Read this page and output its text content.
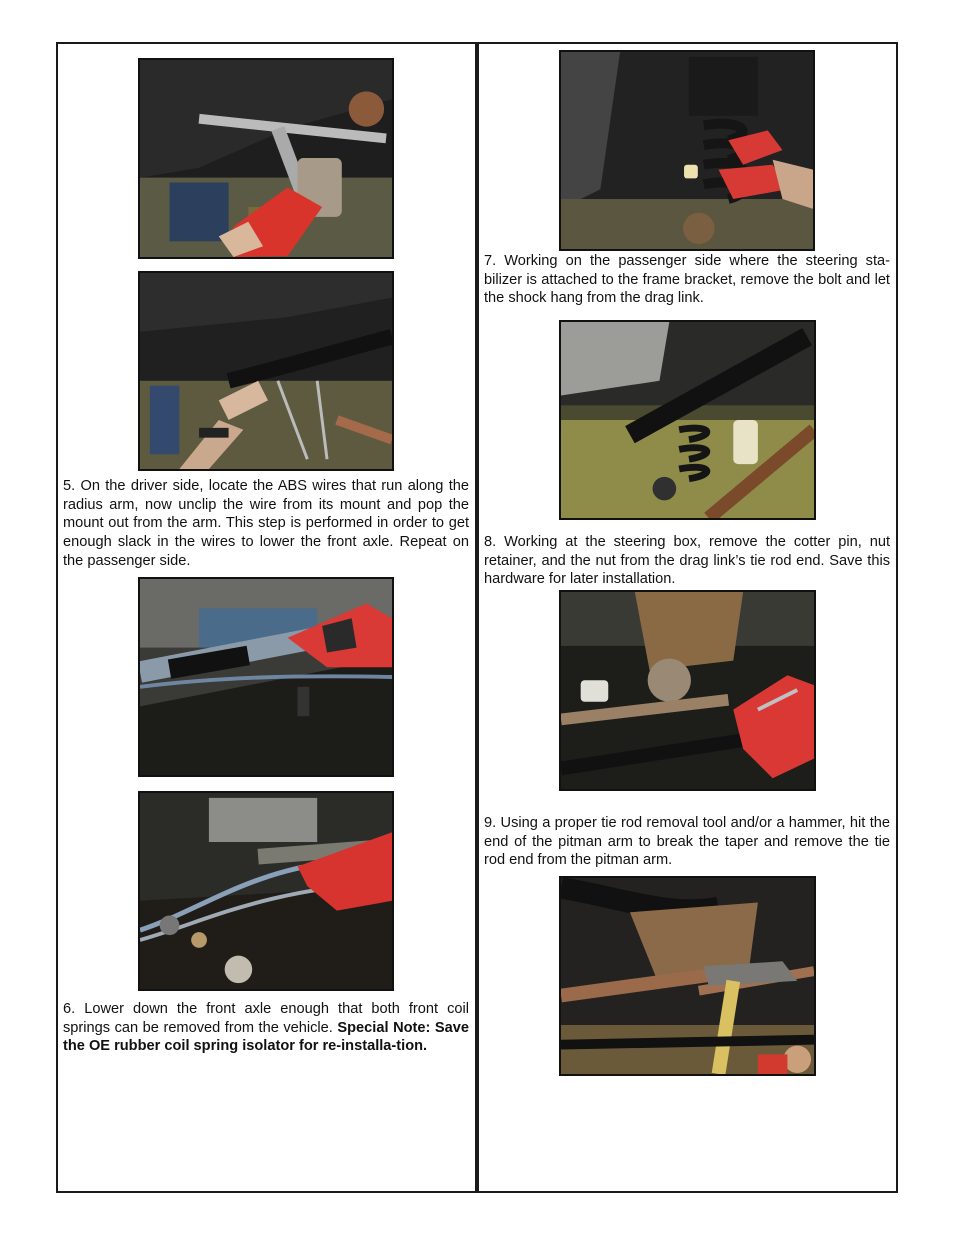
5. On the driver side, locate the ABS wires that run along the radius arm, now unclip the wire from its mount and pop the mount out from the arm. This step is performed in order to get enough slack in the wires to lower the front axle. Repeat on the passenger side.

6. Lower down the front axle enough that both front coil springs can be removed from the vehicle. Special Note: Save the OE rubber coil spring isolator for re-installa-tion.

7. Working on the passenger side where the steering sta-bilizer is attached to the frame bracket, remove the bolt and let the shock hang from the drag link.

8. Working at the steering box, remove the cotter pin, nut retainer, and the nut from the drag link’s tie rod end. Save this hardware for later installation.

9. Using a proper tie rod removal tool and/or a hammer, hit the end of the pitman arm to break the taper and remove the tie rod end from the pitman arm.
